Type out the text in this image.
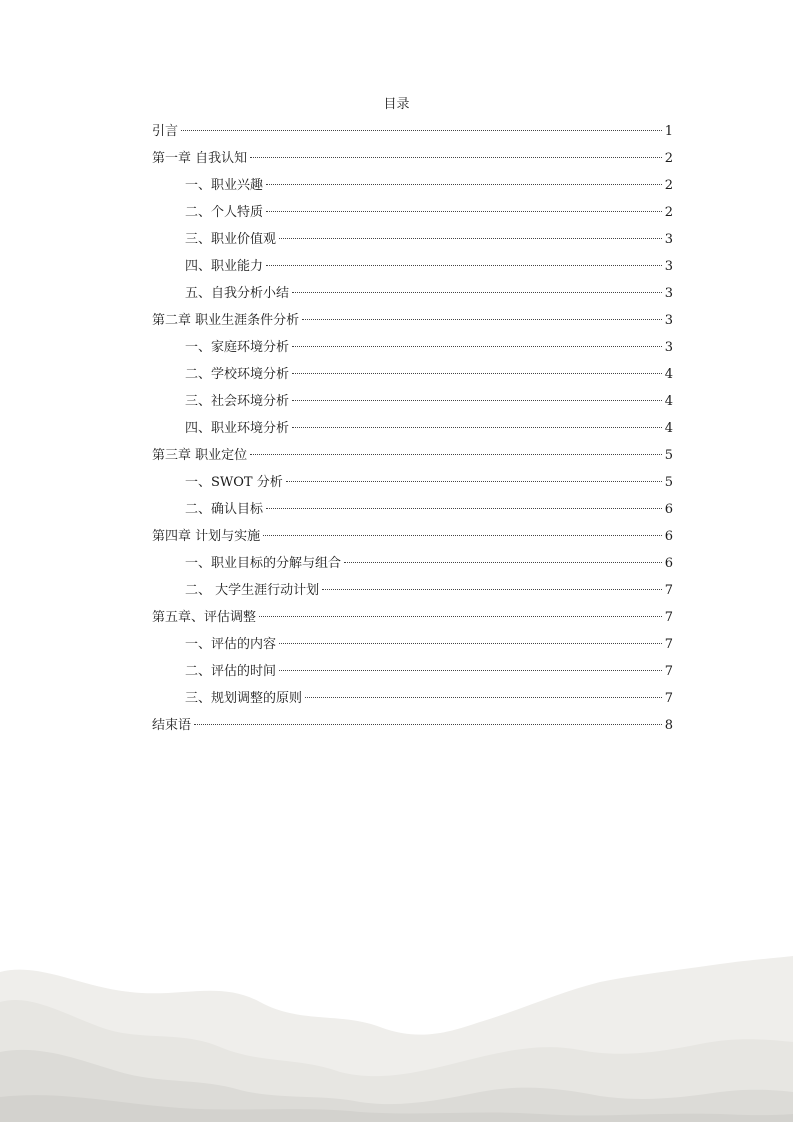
目录
引言	1
第一章 自我认知	2
一、职业兴趣	2
二、个人特质	2
三、职业价值观	3
四、职业能力	3
五、自我分析小结	3
第二章 职业生涯条件分析	3
一、家庭环境分析	3
二、学校环境分析	4
三、社会环境分析	4
四、职业环境分析	4
第三章 职业定位	5
一、SWOT 分析	5
二、确认目标	6
第四章 计划与实施	6
一、职业目标的分解与组合	6
二、 大学生涯行动计划	7
第五章、评估调整	7
一、评估的内容	7
二、评估的时间	7
三、规划调整的原则	7
结束语	8
